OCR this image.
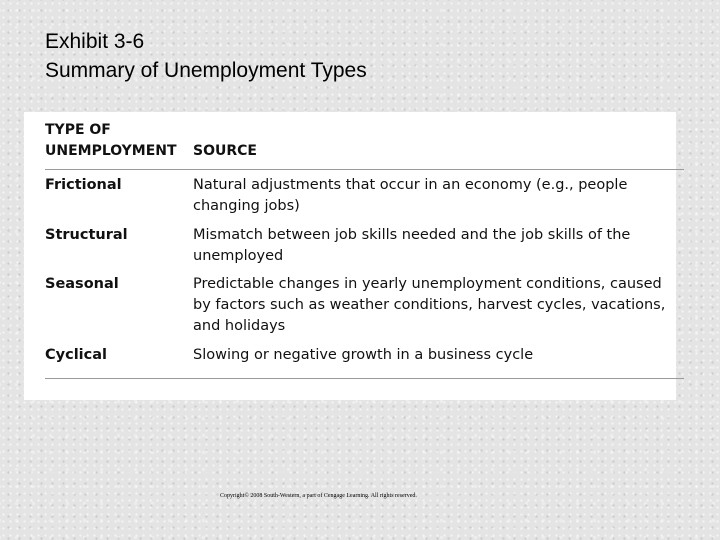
Exhibit 3-6
Summary of Unemployment Types
TYPE OF UNEMPLOYMENT	SOURCE
Frictional	Natural adjustments that occur in an economy (e.g., people changing jobs)
Structural	Mismatch between job skills needed and the job skills of the unemployed
Seasonal	Predictable changes in yearly unemployment conditions, caused by factors such as weather conditions, harvest cycles, vacations, and holidays
Cyclical	Slowing or negative growth in a business cycle
Copyright© 2008 South-Western, a part of Cengage Learning. All rights reserved.
